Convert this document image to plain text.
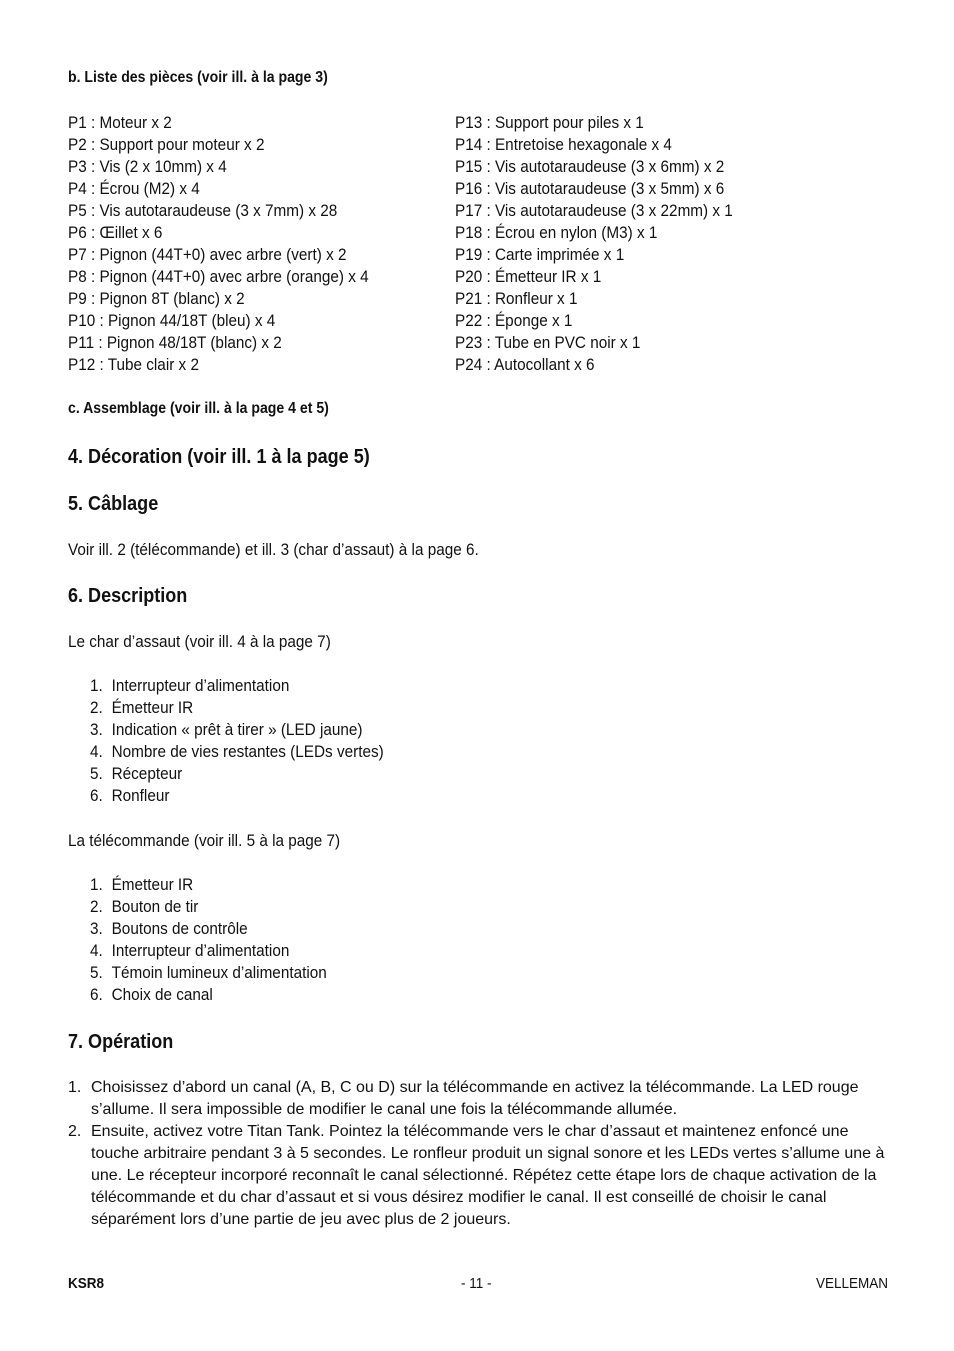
b. Liste des pièces (voir ill. à la page 3)
P1 : Moteur x 2
P2 : Support pour moteur x 2
P3 : Vis (2 x 10mm) x 4
P4 : Écrou (M2) x 4
P5 : Vis autotaraudeuse (3 x 7mm) x 28
P6 : Œillet x 6
P7 : Pignon (44T+0) avec arbre (vert) x 2
P8 : Pignon (44T+0) avec arbre (orange) x 4
P9 : Pignon 8T (blanc) x 2
P10 : Pignon 44/18T (bleu) x 4
P11 : Pignon 48/18T (blanc) x 2
P12 : Tube clair x 2
P13 : Support pour piles x 1
P14 : Entretoise hexagonale x 4
P15 : Vis autotaraudeuse (3 x 6mm) x 2
P16 : Vis autotaraudeuse (3 x 5mm) x 6
P17 : Vis autotaraudeuse (3 x 22mm) x 1
P18 : Écrou en nylon (M3) x 1
P19 : Carte imprimée x 1
P20 : Émetteur IR x 1
P21 : Ronfleur x 1
P22 : Éponge x 1
P23 : Tube en PVC noir x 1
P24 : Autocollant x 6
c. Assemblage (voir ill. à la page 4 et 5)
4. Décoration (voir ill. 1 à la page 5)
5. Câblage
Voir ill. 2 (télécommande) et ill. 3 (char d’assaut) à la page 6.
6. Description
Le char d’assaut (voir ill. 4 à la page 7)
1. Interrupteur d’alimentation
2. Émetteur IR
3. Indication « prêt à tirer » (LED jaune)
4. Nombre de vies restantes (LEDs vertes)
5. Récepteur
6. Ronfleur
La télécommande (voir ill. 5 à la page 7)
1. Émetteur IR
2. Bouton de tir
3. Boutons de contrôle
4. Interrupteur d’alimentation
5. Témoin lumineux d’alimentation
6. Choix de canal
7. Opération
1. Choisissez d’abord un canal (A, B, C ou D) sur la télécommande en activez la télécommande. La LED rouge s’allume. Il sera impossible de modifier le canal une fois la télécommande allumée.
2. Ensuite, activez votre Titan Tank. Pointez la télécommande vers le char d’assaut et maintenez enfoncé une touche arbitraire pendant 3 à 5 secondes. Le ronfleur produit un signal sonore et les LEDs vertes s’allume une à une. Le récepteur incorporé reconnaît le canal sélectionné. Répétez cette étape lors de chaque activation de la télécommande et du char d’assaut et si vous désirez modifier le canal. Il est conseillé de choisir le canal séparément lors d’une partie de jeu avec plus de 2 joueurs.
KSR8	- 11 -	VELLEMAN
